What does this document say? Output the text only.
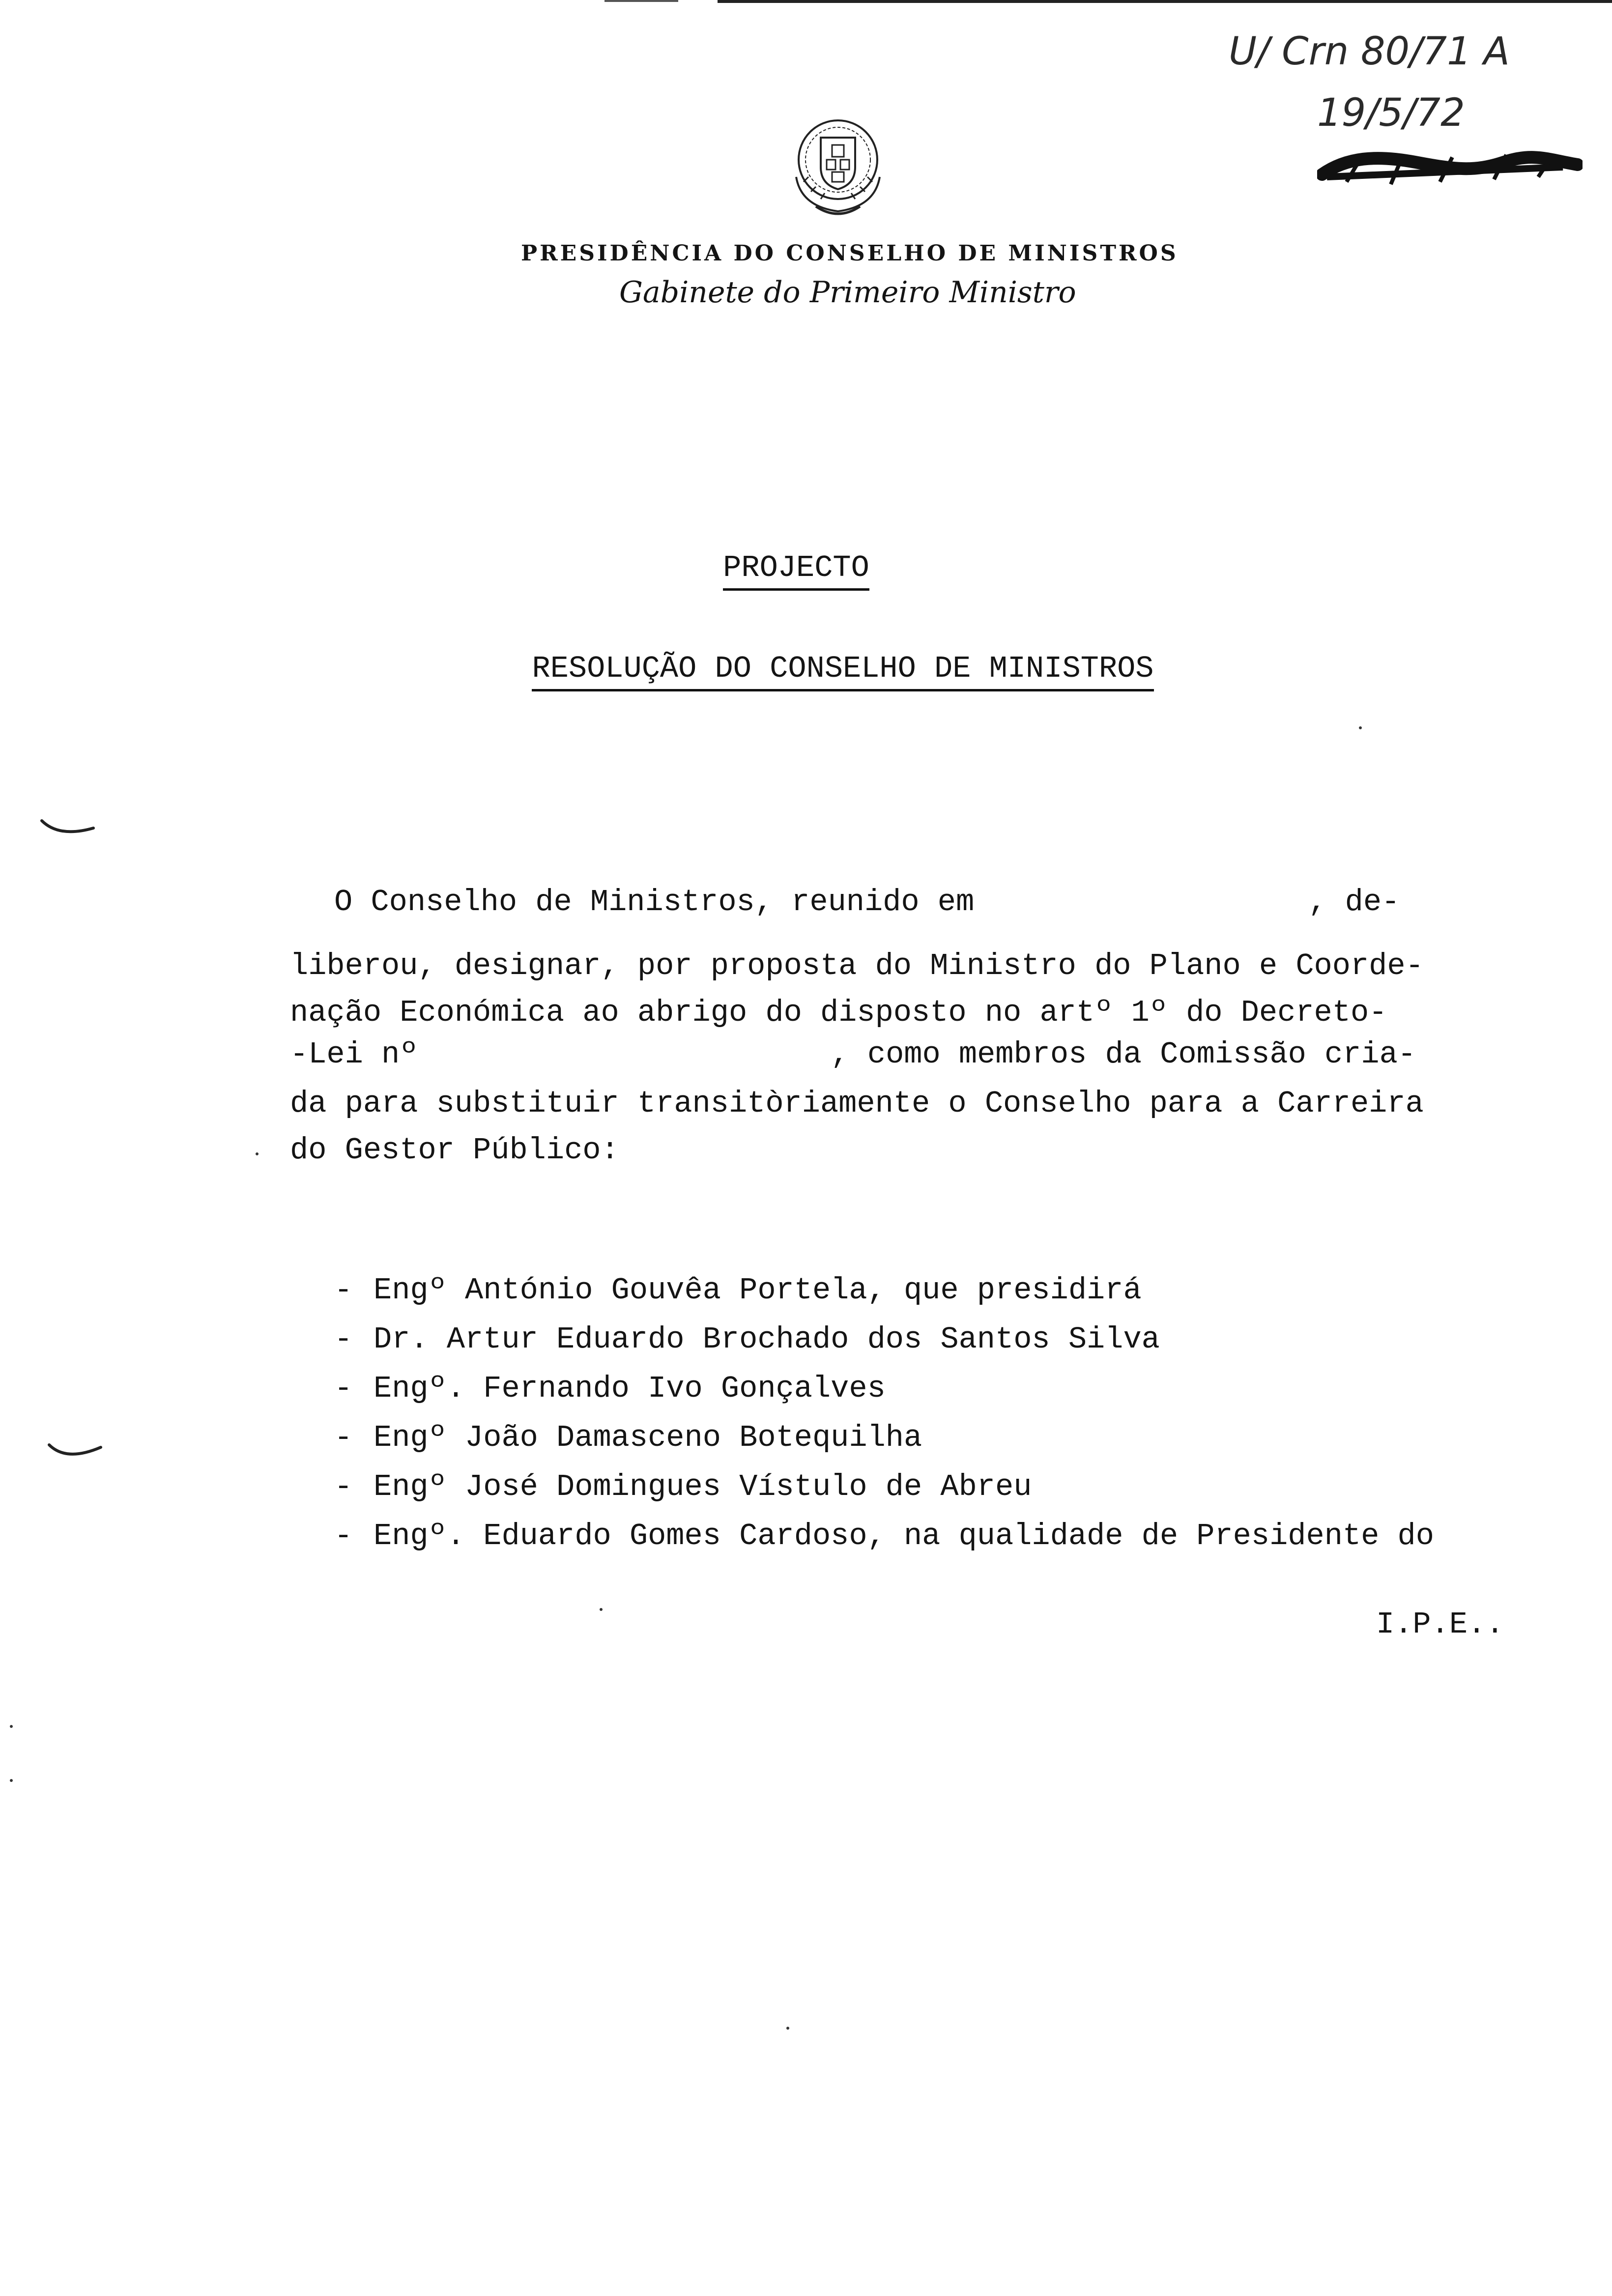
U/ Crn 80/71 A
19/5/72
PRESIDÊNCIA DO CONSELHO DE MINISTROS
Gabinete do Primeiro Ministro
PROJECTO
RESOLUÇÃO DO CONSELHO DE MINISTROS
O Conselho de Ministros, reunido em	, de-
liberou, designar, por proposta do Ministro do Plano e Coorde-
nação Económica ao abrigo do disposto no artº 1º do Decreto-
-Lei nº	, como membros da Comissão cria-
da para substituir transitòriamente o Conselho para a Carreira
do Gestor Público:
- Engº António Gouvêa Portela, que presidirá
- Dr. Artur Eduardo Brochado dos Santos Silva
- Engº. Fernando Ivo Gonçalves
- Engº João Damasceno Botequilha
- Engº José Domingues Vístulo de Abreu
- Engº. Eduardo Gomes Cardoso, na qualidade de Presidente do
I.P.E..
